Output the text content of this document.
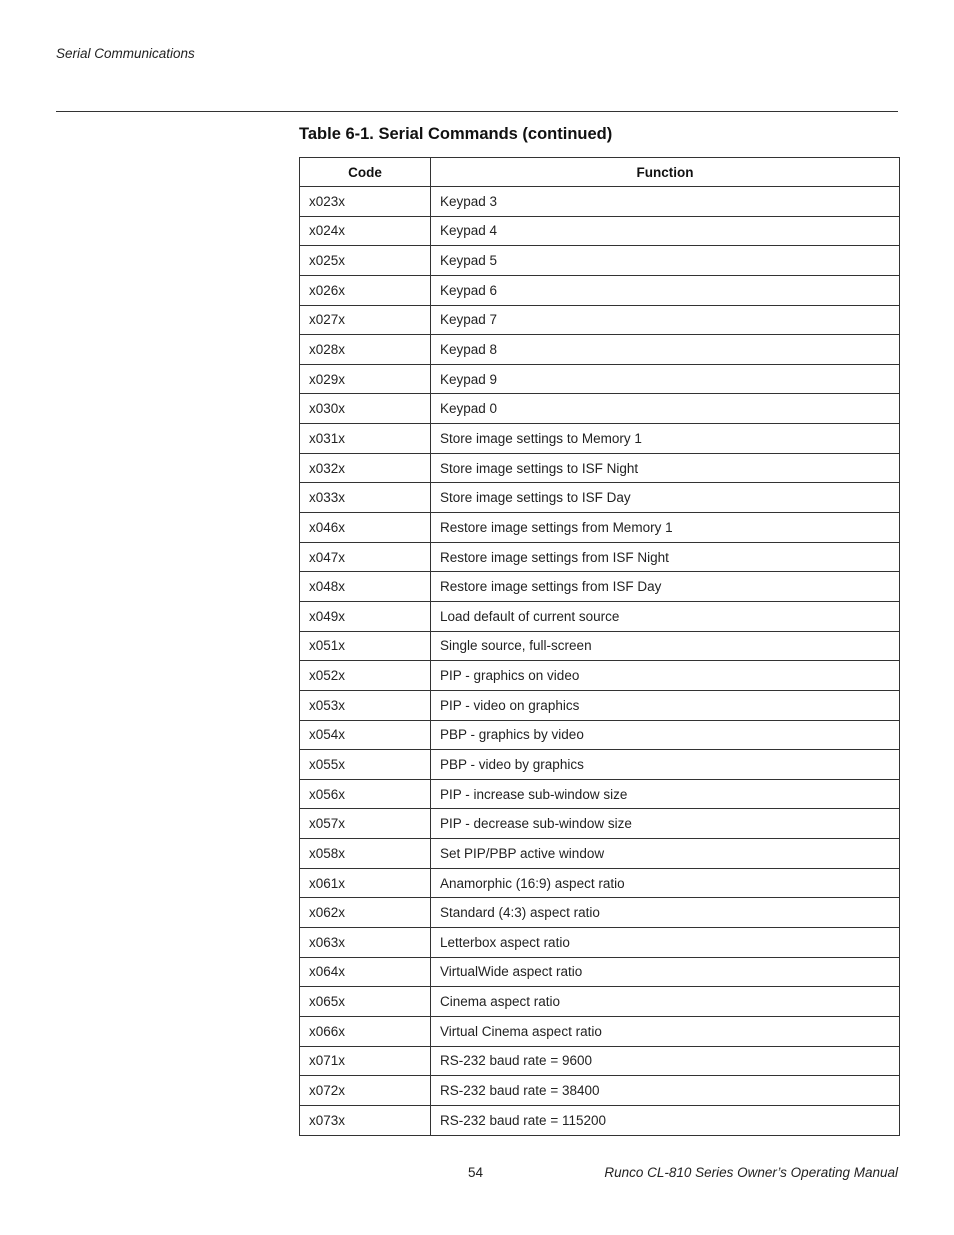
Serial Communications
Table 6-1. Serial Commands (continued)
Code	Function
x023x	Keypad 3
x024x	Keypad 4
x025x	Keypad 5
x026x	Keypad 6
x027x	Keypad 7
x028x	Keypad 8
x029x	Keypad 9
x030x	Keypad 0
x031x	Store image settings to Memory 1
x032x	Store image settings to ISF Night
x033x	Store image settings to ISF Day
x046x	Restore image settings from Memory 1
x047x	Restore image settings from ISF Night
x048x	Restore image settings from ISF Day
x049x	Load default of current source
x051x	Single source, full-screen
x052x	PIP - graphics on video
x053x	PIP - video on graphics
x054x	PBP - graphics by video
x055x	PBP - video by graphics
x056x	PIP - increase sub-window size
x057x	PIP - decrease sub-window size
x058x	Set PIP/PBP active window
x061x	Anamorphic (16:9) aspect ratio
x062x	Standard (4:3) aspect ratio
x063x	Letterbox aspect ratio
x064x	VirtualWide aspect ratio
x065x	Cinema aspect ratio
x066x	Virtual Cinema aspect ratio
x071x	RS-232 baud rate = 9600
x072x	RS-232 baud rate = 38400
x073x	RS-232 baud rate = 115200
54	Runco CL-810 Series Owner’s Operating Manual
